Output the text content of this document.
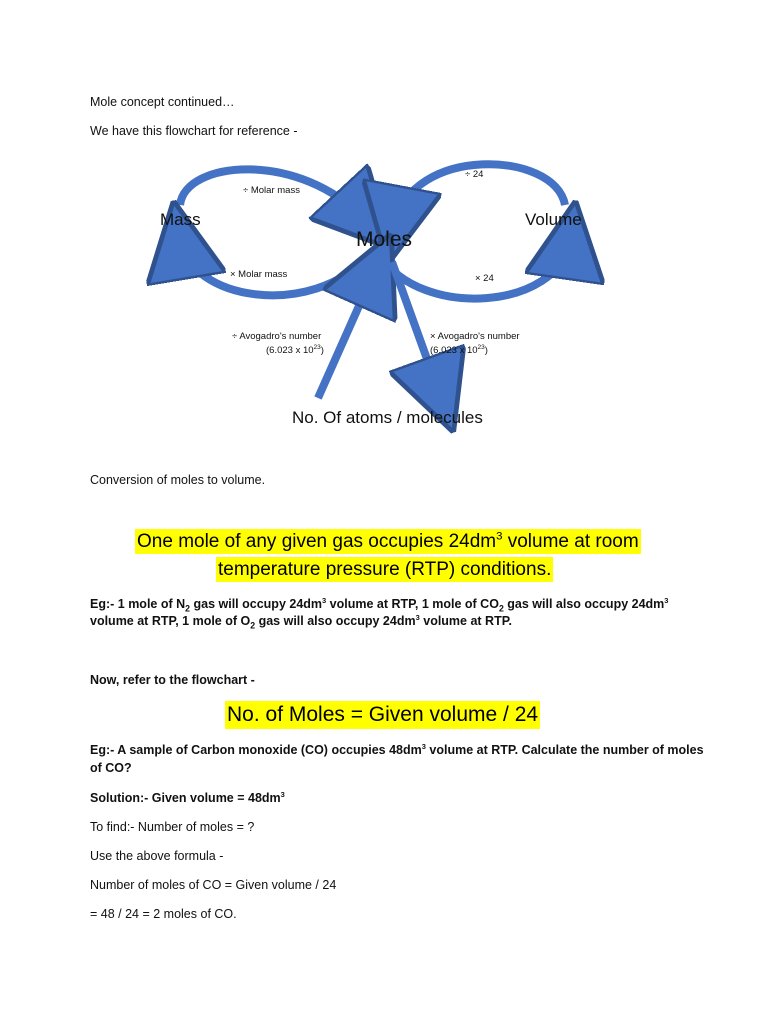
Mole concept continued…
We have this flowchart for reference -
Mass
Moles
Volume
No. Of atoms / molecules
÷ Molar mass
× Molar mass
÷ 24
× 24
÷ Avogadro's number
(6.023 x $10^{23}$)
× Avogadro's number
(6.023 x $10^{23}$)
Conversion of moles to volume.
One mole of any given gas occupies $24dm^3$ volume at room
temperature pressure (RTP) conditions.
Eg:- 1 mole of $N_2$ gas will occupy $24dm^3$ volume at RTP, 1 mole of $CO_2$ gas will also occupy $24dm^3$
volume at RTP, 1 mole of $O_2$ gas will also occupy $24dm^3$ volume at RTP.
Now, refer to the flowchart -
No. of Moles = Given volume / 24
Eg:- A sample of Carbon monoxide (CO) occupies $48dm^3$ volume at RTP. Calculate the number of moles
of CO?
Solution:- Given volume = $48dm^3$
To find:- Number of moles = ?
Use the above formula -
Number of moles of CO = Given volume / 24
= 48 / 24 = 2 moles of CO.
